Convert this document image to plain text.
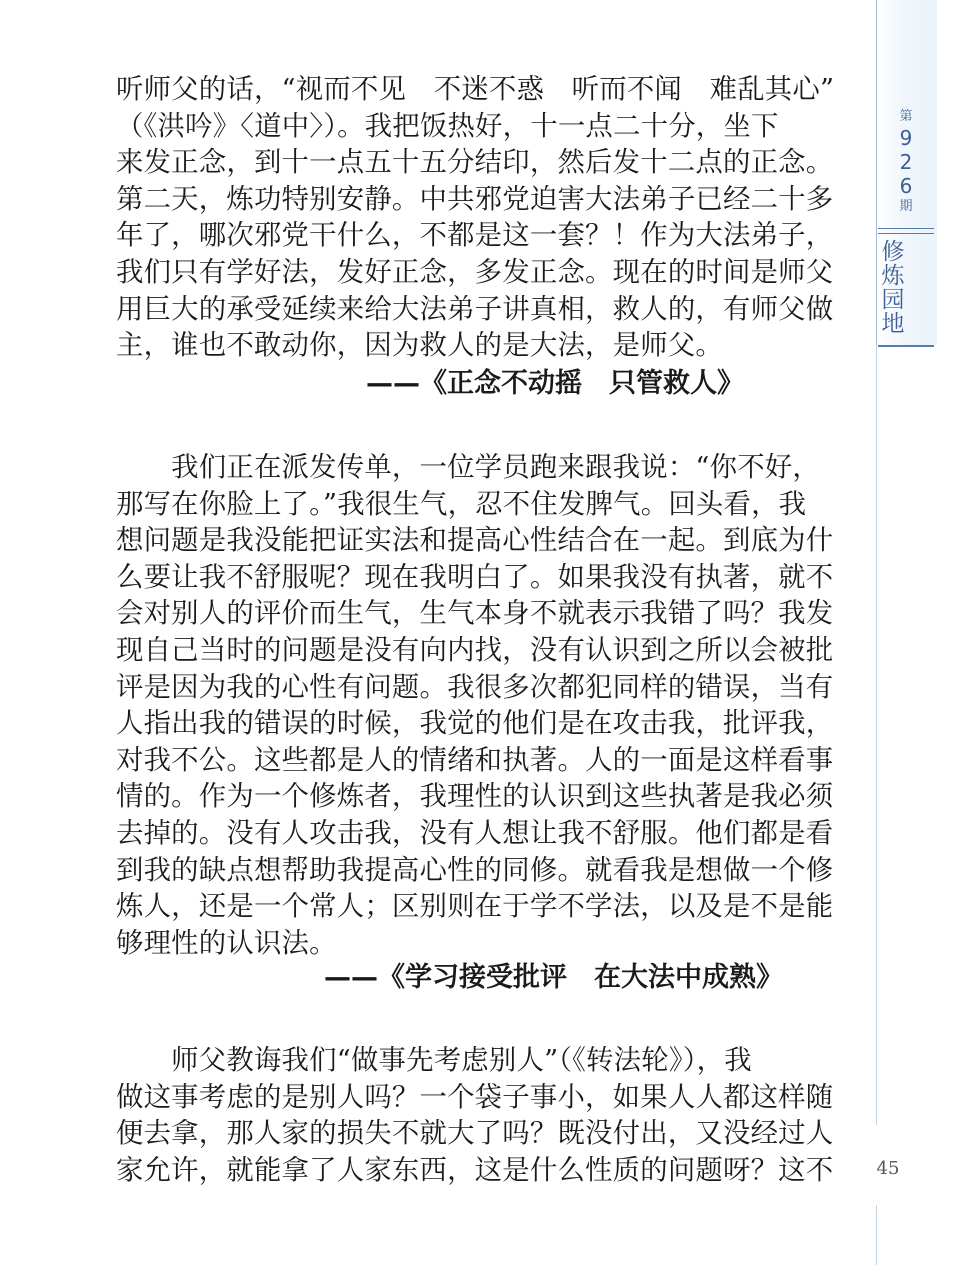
第
9
2
6
期
修炼园地
听师父的话，“视而不见　不迷不惑　听而不闻　难乱其心”
（《洪吟》〈道中〉）。我把饭热好，十一点二十分，坐下
来发正念，到十一点五十五分结印，然后发十二点的正念。
第二天，炼功特别安静。中共邪党迫害大法弟子已经二十多
年了，哪次邪党干什么，不都是这一套？！作为大法弟子，
我们只有学好法，发好正念，多发正念。现在的时间是师父
用巨大的承受延续来给大法弟子讲真相，救人的，有师父做
主，谁也不敢动你，因为救人的是大法，是师父。
——《正念不动摇　只管救人》
　　我们正在派发传单，一位学员跑来跟我说：“你不好，
那写在你脸上了。”我很生气，忍不住发脾气。回头看，我
想问题是我没能把证实法和提高心性结合在一起。到底为什
么要让我不舒服呢？现在我明白了。如果我没有执著，就不
会对别人的评价而生气，生气本身不就表示我错了吗？我发
现自己当时的问题是没有向内找，没有认识到之所以会被批
评是因为我的心性有问题。我很多次都犯同样的错误，当有
人指出我的错误的时候，我觉的他们是在攻击我，批评我，
对我不公。这些都是人的情绪和执著。人的一面是这样看事
情的。作为一个修炼者，我理性的认识到这些执著是我必须
去掉的。没有人攻击我，没有人想让我不舒服。他们都是看
到我的缺点想帮助我提高心性的同修。就看我是想做一个修
炼人，还是一个常人；区别则在于学不学法，以及是不是能
够理性的认识法。
——《学习接受批评　在大法中成熟》
　　师父教诲我们“做事先考虑别人”（《转法轮》），我
做这事考虑的是别人吗？一个袋子事小，如果人人都这样随
便去拿，那人家的损失不就大了吗？既没付出，又没经过人
家允许，就能拿了人家东西，这是什么性质的问题呀？这不	45
